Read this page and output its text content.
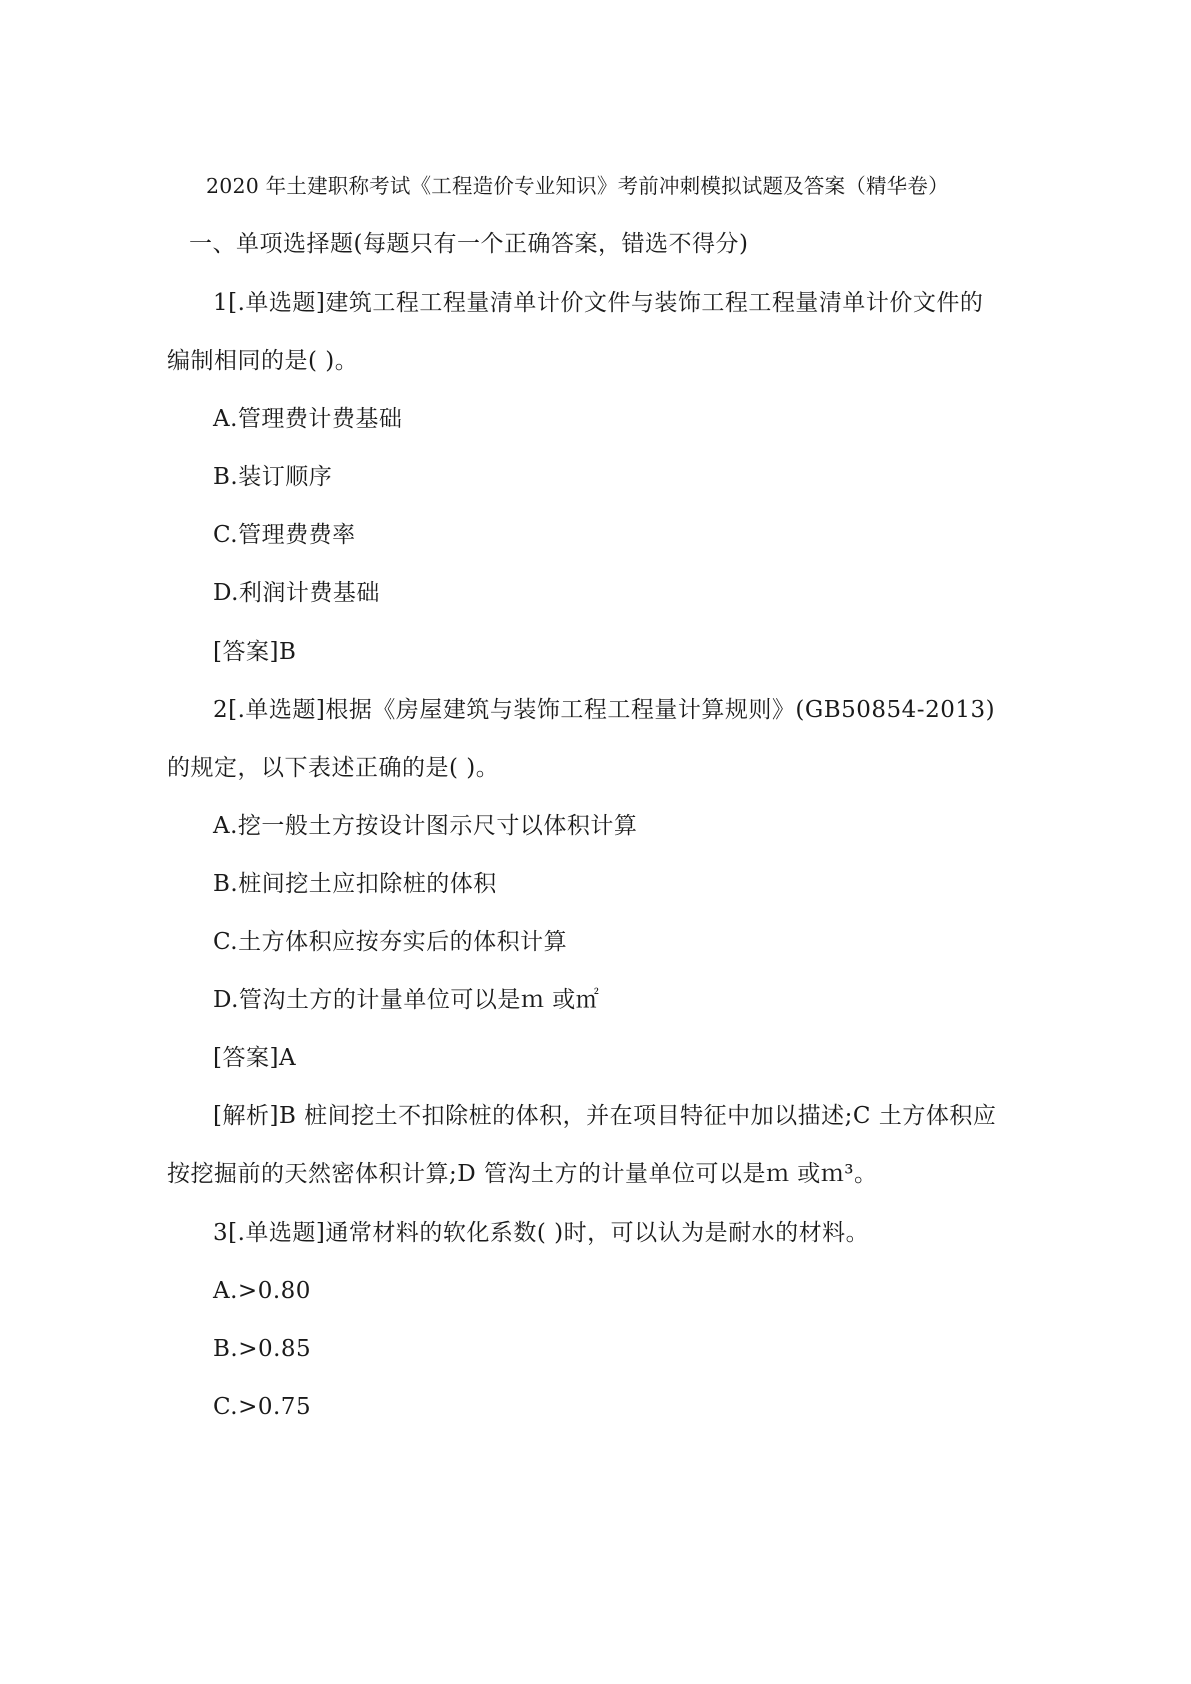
2020 年土建职称考试《工程造价专业知识》考前冲刺模拟试题及答案（精华卷）
一、单项选择题(每题只有一个正确答案，错选不得分)
1[.单选题]建筑工程工程量清单计价文件与装饰工程工程量清单计价文件的
编制相同的是( )。
A.管理费计费基础
B.装订顺序
C.管理费费率
D.利润计费基础
[答案]B
2[.单选题]根据《房屋建筑与装饰工程工程量计算规则》(GB50854-2013)
的规定，以下表述正确的是( )。
A.挖一般土方按设计图示尺寸以体积计算
B.桩间挖土应扣除桩的体积
C.土方体积应按夯实后的体积计算
D.管沟土方的计量单位可以是ｍ 或㎡
[答案]A
[解析]B 桩间挖土不扣除桩的体积，并在项目特征中加以描述;C 土方体积应
按挖掘前的天然密体积计算;D 管沟土方的计量单位可以是ｍ 或ｍ³。
3[.单选题]通常材料的软化系数( )时，可以认为是耐水的材料。
A.>0.80
B.>0.85
C.>0.75
